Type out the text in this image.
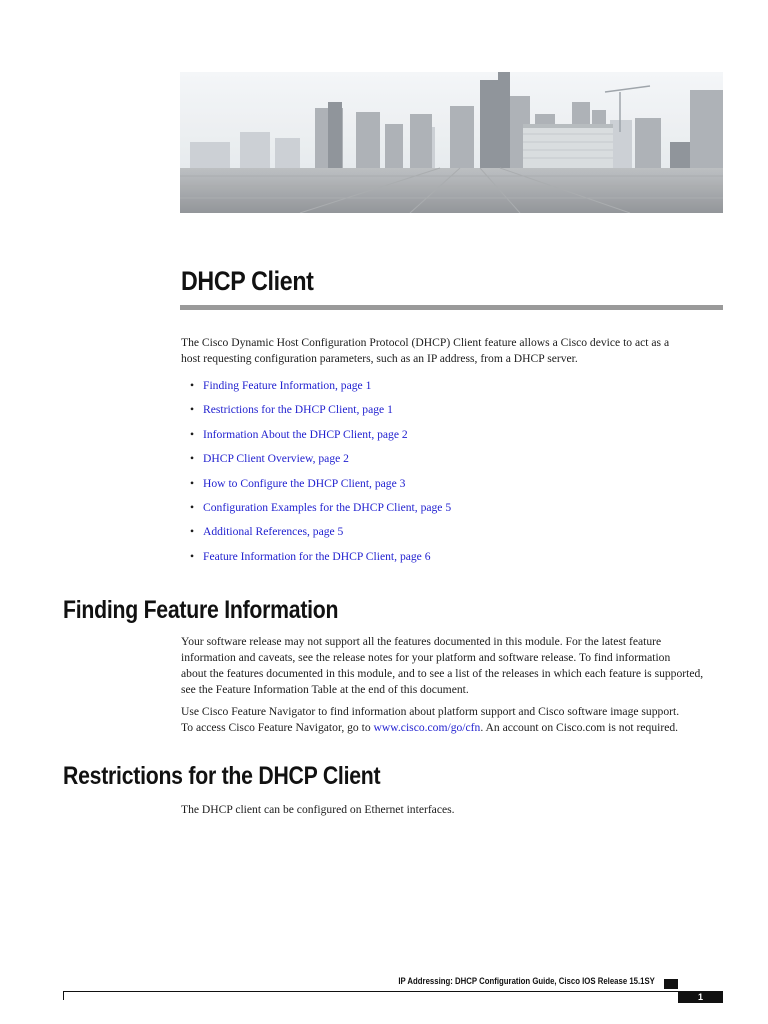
DHCP Client

The Cisco Dynamic Host Configuration Protocol (DHCP) Client feature allows a Cisco device to act as a

host requesting configuration parameters, such as an IP address, from a DHCP server.

• Finding Feature Information, page 1
• Restrictions for the DHCP Client, page 1
• Information About the DHCP Client, page 2
• DHCP Client Overview, page 2
• How to Configure the DHCP Client, page 3
• Configuration Examples for the DHCP Client, page 5
• Additional References, page 5
• Feature Information for the DHCP Client, page 6
Finding Feature Information

Your software release may not support all the features documented in this module. For the latest feature

information and caveats, see the release notes for your platform and software release. To find information

about the features documented in this module, and to see a list of the releases in which each feature is supported,

see the Feature Information Table at the end of this document.

Use Cisco Feature Navigator to find information about platform support and Cisco software image support.

To access Cisco Feature Navigator, go to www.cisco.com/go/cfn. An account on Cisco.com is not required.

Restrictions for the DHCP Client

The DHCP client can be configured on Ethernet interfaces.

IP Addressing: DHCP Configuration Guide, Cisco IOS Release 15.1SY
1
